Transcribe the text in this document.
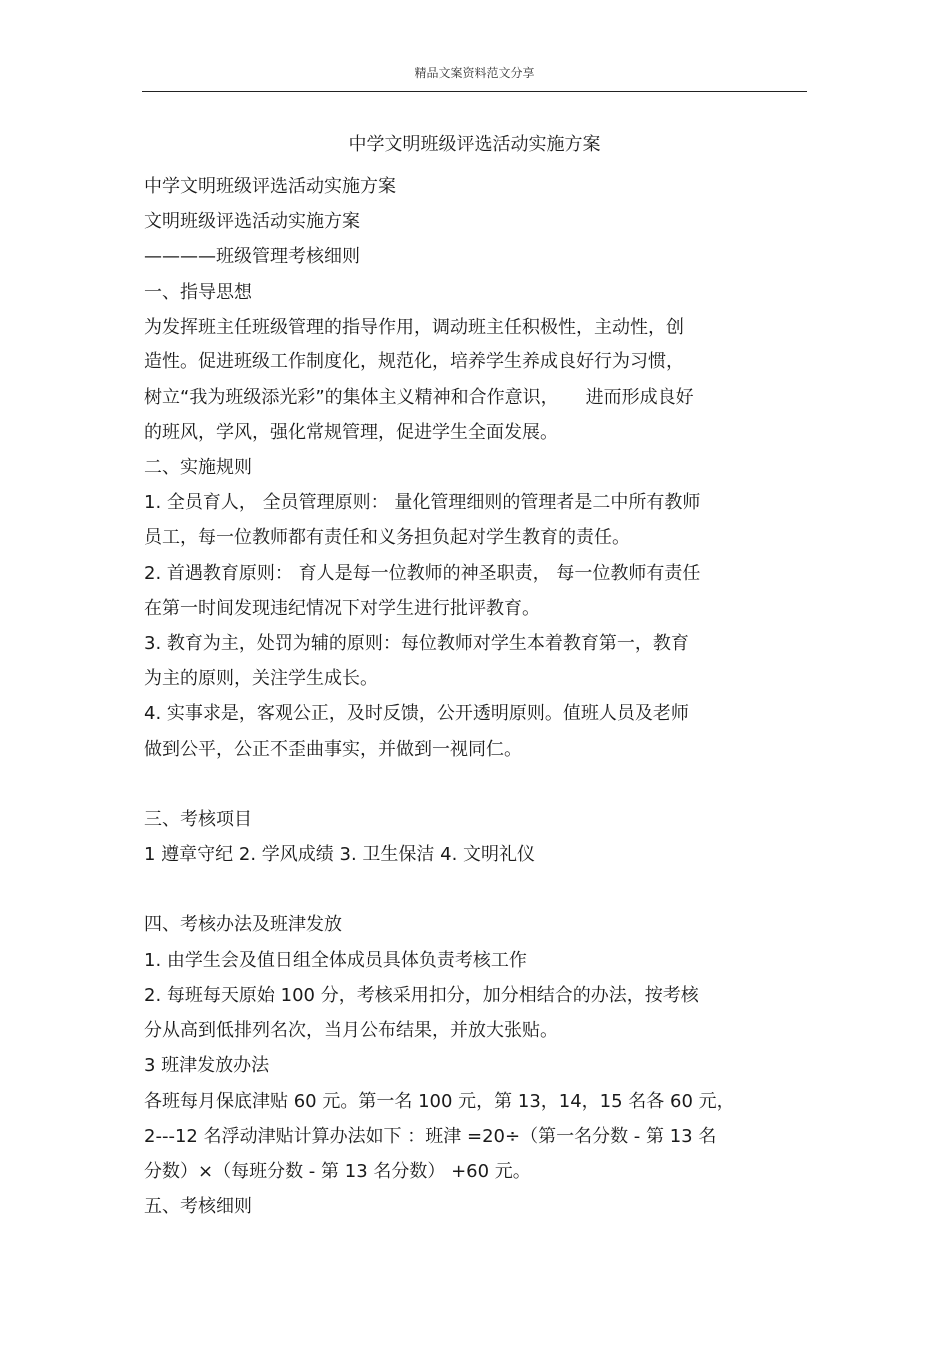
精品文案资料范文分享
中学文明班级评选活动实施方案
中学文明班级评选活动实施方案
文明班级评选活动实施方案
————班级管理考核细则
一、指导思想
为发挥班主任班级管理的指导作用，调动班主任积极性，主动性，创
造性。促进班级工作制度化，规范化，培养学生养成良好行为习惯，
树立“我为班级添光彩”的集体主义精神和合作意识，　　进而形成良好
的班风，学风，强化常规管理，促进学生全面发展。
二、实施规则
1. 全员育人， 全员管理原则： 量化管理细则的管理者是二中所有教师
员工，每一位教师都有责任和义务担负起对学生教育的责任。
2. 首遇教育原则： 育人是每一位教师的神圣职责， 每一位教师有责任
在第一时间发现违纪情况下对学生进行批评教育。
3. 教育为主，处罚为辅的原则：每位教师对学生本着教育第一，教育
为主的原则，关注学生成长。
4. 实事求是，客观公正，及时反馈，公开透明原则。值班人员及老师
做到公平，公正不歪曲事实，并做到一视同仁。
三、考核项目
1 遵章守纪 2. 学风成绩 3. 卫生保洁 4. 文明礼仪
四、考核办法及班津发放
1. 由学生会及值日组全体成员具体负责考核工作
2. 每班每天原始 100 分，考核采用扣分，加分相结合的办法，按考核
分从高到低排列名次，当月公布结果，并放大张贴。
3 班津发放办法
各班每月保底津贴 60 元。第一名 100 元，第 13，14，15 名各 60 元，
2---12 名浮动津贴计算办法如下 ：班津 =20÷（第一名分数 - 第 13 名
分数）×（每班分数 - 第 13 名分数） +60 元。
五、考核细则
